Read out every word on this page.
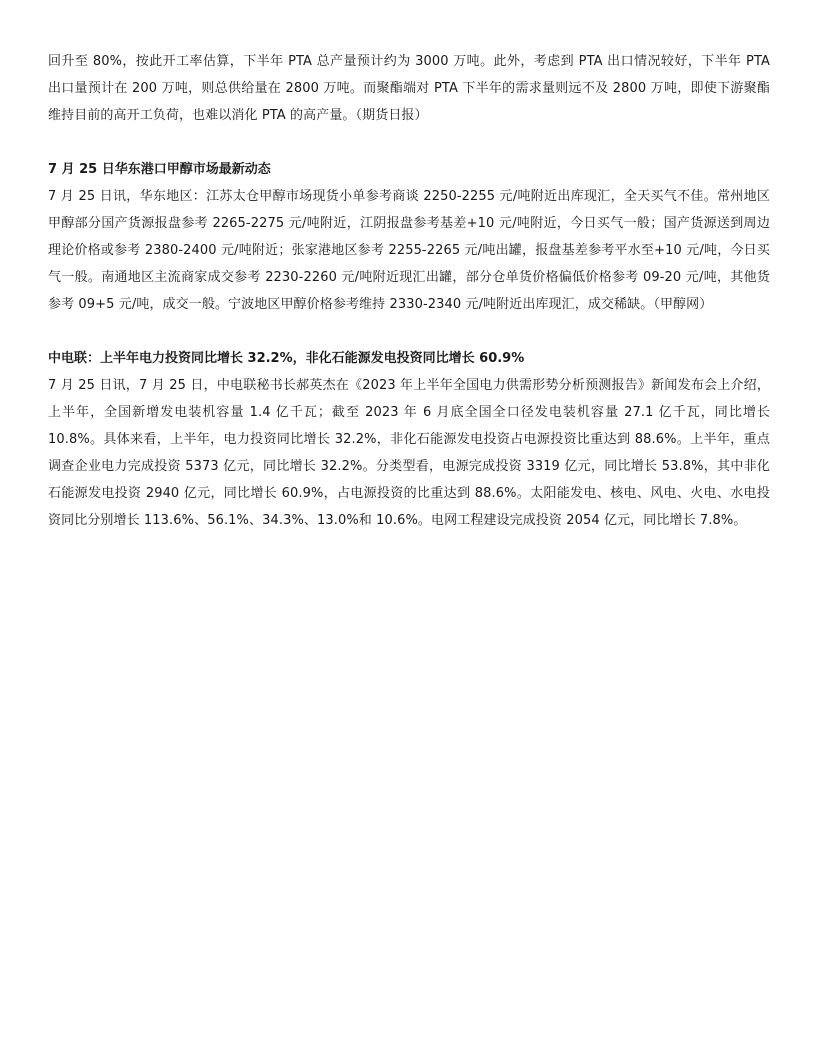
回升至 80%，按此开工率估算，下半年 PTA 总产量预计约为 3000 万吨。此外，考虑到 PTA 出口情况较好，下半年 PTA 出口量预计在 200 万吨，则总供给量在 2800 万吨。而聚酯端对 PTA 下半年的需求量则远不及 2800 万吨，即使下游聚酯维持目前的高开工负荷，也难以消化 PTA 的高产量。（期货日报）

7 月 25 日华东港口甲醇市场最新动态

7 月 25 日讯，华东地区：江苏太仓甲醇市场现货小单参考商谈 2250-2255 元/吨附近出库现汇，全天买气不佳。常州地区甲醇部分国产货源报盘参考 2265-2275 元/吨附近，江阴报盘参考基差+10 元/吨附近，今日买气一般；国产货源送到周边理论价格或参考 2380-2400 元/吨附近；张家港地区参考 2255-2265 元/吨出罐，报盘基差参考平水至+10 元/吨，今日买气一般。南通地区主流商家成交参考 2230-2260 元/吨附近现汇出罐，部分仓单货价格偏低价格参考 09-20 元/吨，其他货参考 09+5 元/吨，成交一般。宁波地区甲醇价格参考维持 2330-2340 元/吨附近出库现汇，成交稀缺。（甲醇网）

中电联：上半年电力投资同比增长 32.2%，非化石能源发电投资同比增长 60.9%

7 月 25 日讯，7 月 25 日，中电联秘书长郝英杰在《2023 年上半年全国电力供需形势分析预测报告》新闻发布会上介绍，上半年，全国新增发电装机容量 1.4 亿千瓦；截至 2023 年 6 月底全国全口径发电装机容量 27.1 亿千瓦，同比增长 10.8%。具体来看，上半年，电力投资同比增长 32.2%，非化石能源发电投资占电源投资比重达到 88.6%。上半年，重点调查企业电力完成投资 5373 亿元，同比增长 32.2%。分类型看，电源完成投资 3319 亿元，同比增长 53.8%，其中非化石能源发电投资 2940 亿元，同比增长 60.9%，占电源投资的比重达到 88.6%。太阳能发电、核电、风电、火电、水电投资同比分别增长 113.6%、56.1%、34.3%、13.0%和 10.6%。电网工程建设完成投资 2054 亿元，同比增长 7.8%。
